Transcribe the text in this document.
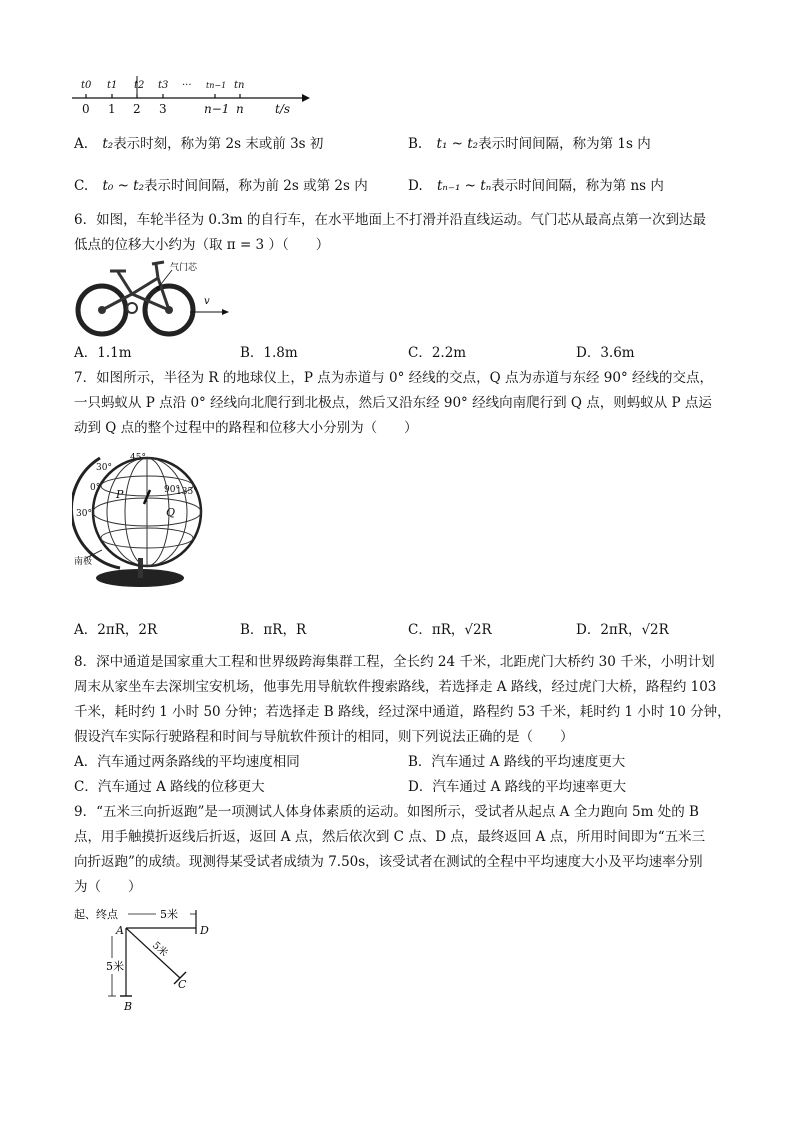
t0 t1 t2 t3 ··· tn−1 tn
0 1 2 3	n−1 n	t/s
A. t₂表示时刻，称为第 2s 末或前 3s 初	B. t₁ ~ t₂表示时间间隔，称为第 1s 内
C. t₀ ~ t₂表示时间间隔，称为前 2s 或第 2s 内	D. tₙ₋₁ ~ tₙ表示时间间隔，称为第 ns 内
6．如图，车轮半径为 0.3m 的自行车，在水平地面上不打滑并沿直线运动。气门芯从最高点第一次到达最
低点的位移大小约为（取 π = 3 ）（　　）
气门芯
v
A．1.1m	B．1.8m	C．2.2m	D．3.6m
7．如图所示，半径为 R 的地球仪上，P 点为赤道与 0° 经线的交点，Q 点为赤道与东经 90° 经线的交点，
一只蚂蚁从 P 点沿 0° 经线向北爬行到北极点，然后又沿东经 90° 经线向南爬行到 Q 点，则蚂蚁从 P 点运
动到 Q 点的整个过程中的路程和位移大小分别为（　　）
30°
45°
0°	90°
135°
30°
南极
P
Q
A．2πR，2R	B．πR，R	C．πR，√2R	D．2πR，√2R
8．深中通道是国家重大工程和世界级跨海集群工程，全长约 24 千米，北距虎门大桥约 30 千米，小明计划
周末从家坐车去深圳宝安机场，他事先用导航软件搜索路线，若选择走 A 路线，经过虎门大桥，路程约 103
千米，耗时约 1 小时 50 分钟；若选择走 B 路线，经过深中通道，路程约 53 千米，耗时约 1 小时 10 分钟，
假设汽车实际行驶路程和时间与导航软件预计的相同，则下列说法正确的是（　　）
A．汽车通过两条路线的平均速度相同	B．汽车通过 A 路线的平均速度更大
C．汽车通过 A 路线的位移更大	D．汽车通过 A 路线的平均速率更大
9．“五米三向折返跑”是一项测试人体身体素质的运动。如图所示，受试者从起点 A 全力跑向 5m 处的 B
点，用手触摸折返线后折返，返回 A 点，然后依次到 C 点、D 点，最终返回 A 点，所用时间即为“五米三
向折返跑”的成绩。现测得某受试者成绩为 7.50s，该受试者在测试的全程中平均速度大小及平均速率分别
为（　　）
起、终点	5米
5米
5米
A	D
B
C
